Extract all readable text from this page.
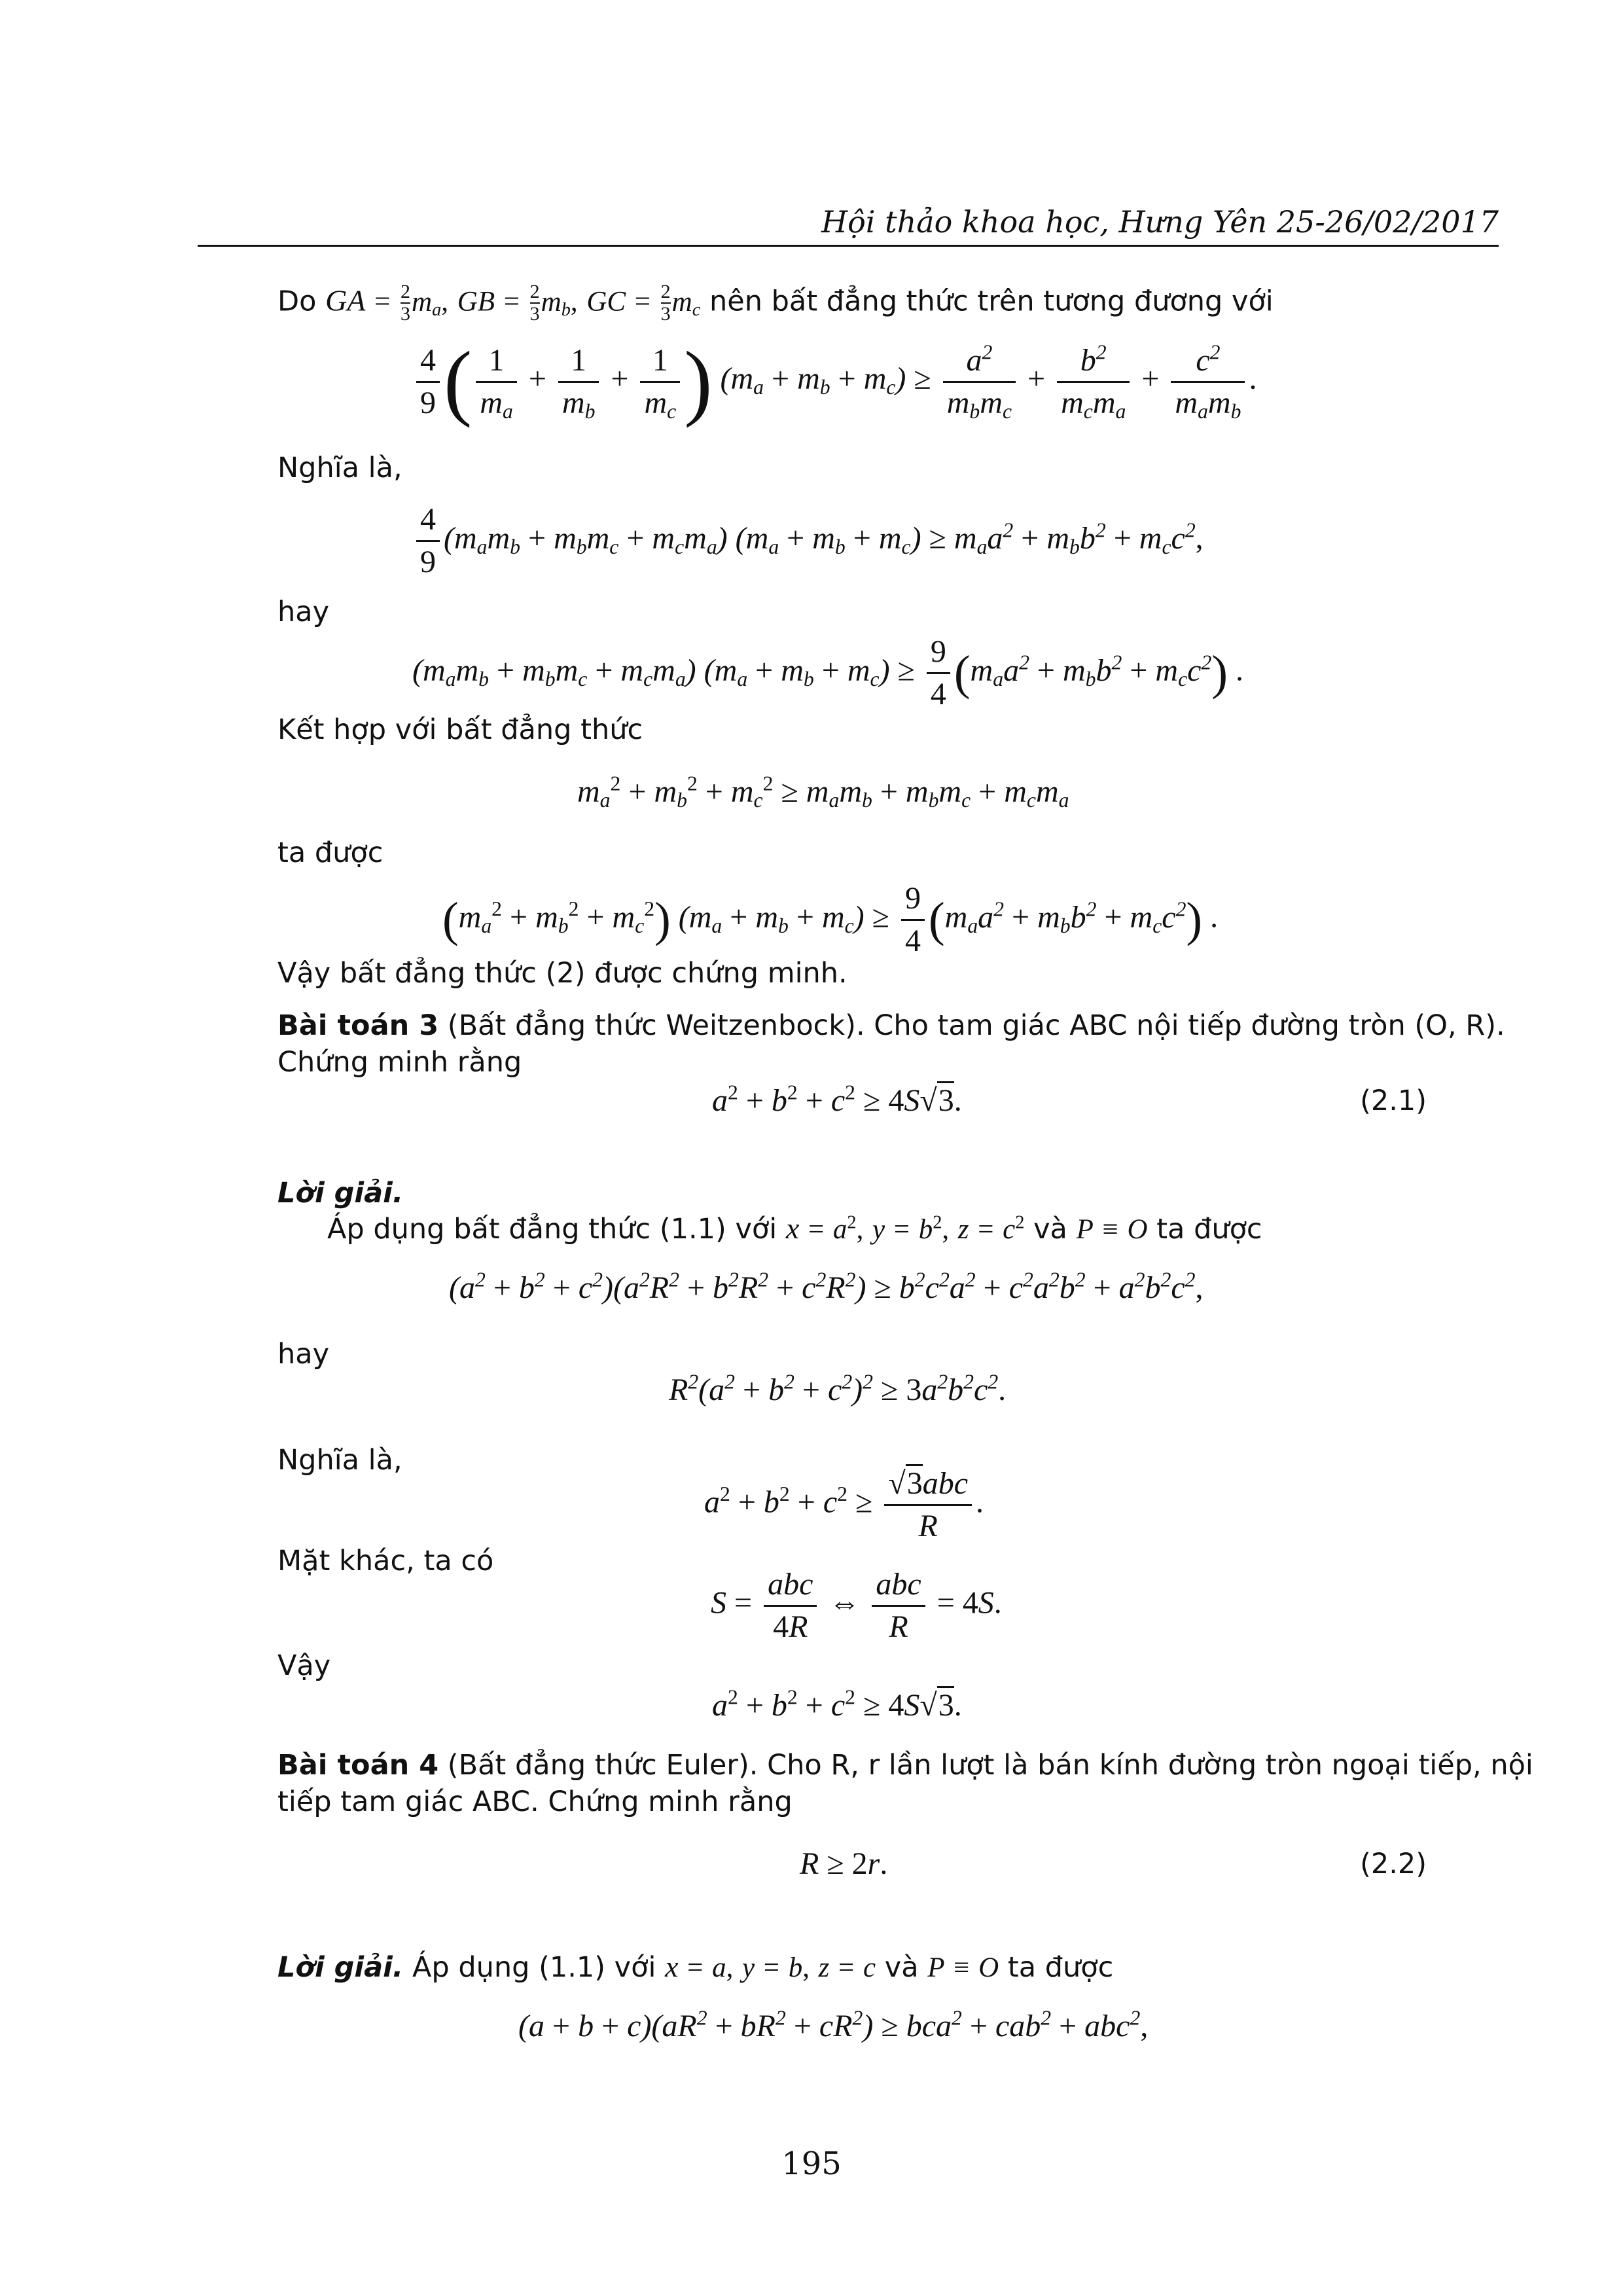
Hội thảo khoa học, Hưng Yên 25-26/02/2017
Do GA = $\frac{2}{3} m_a$, GB = $\frac{2}{3} m_b$, GC = $\frac{2}{3} m_c$ nên bất đẳng thức trên tương đương với
$\frac{4}{9}$ ( $\frac{1}{m_a} + \frac{1}{m_b} + \frac{1}{m_c}$ ) $(m_a + m_b + m_c) \ge \frac{a^2}{m_bm_c} + \frac{b^2}{m_cm_a} + \frac{c^2}{m_am_b}$ .
Nghĩa là,
$\frac{4}{9} (m_am_b + m_bm_c + m_cm_a) (m_a + m_b + m_c) \ge m_aa^2 + m_bb^2 + m_cc^2$,
hay
$(m_am_b + m_bm_c + m_cm_a) (m_a + m_b + m_c) \ge \frac{9}{4} (m_aa^2 + m_bb^2 + m_cc^2)$ .
Kết hợp với bất đẳng thức
$m_a^2 + m_b^2 + m_c^2 \ge m_am_b + m_bm_c + m_cm_a$
ta được
$(m_a^2 + m_b^2 + m_c^2) (m_a + m_b + m_c) \ge \frac{9}{4} (m_aa^2 + m_bb^2 + m_cc^2)$ .
Vậy bất đẳng thức (2) được chứng minh.
Bài toán 3 (Bất đẳng thức Weitzenbock). Cho tam giác ABC nội tiếp đường tròn (O, R).
Chứng minh rằng
$a^2 + b^2 + c^2 \ge 4S√3$.	(2.1)
Lời giải.
Áp dụng bất đẳng thức (1.1) với $x = a^2$, $y = b^2$, $z = c^2$ và P ≡ O ta được
$(a^2 + b^2 + c^2)(a^2R^2 + b^2R^2 + c^2R^2) \ge b^2c^2a^2 + c^2a^2b^2 + a^2b^2c^2$,
hay
$R^2(a^2 + b^2 + c^2)^2 \ge 3a^2b^2c^2$.
Nghĩa là,
$a^2 + b^2 + c^2 \ge \frac{\text{√3abc}}{R}$ .
Mặt khác, ta có
$S = \frac{\text{abc}}{4R}$ ⇔ $\frac{\text{abc}}{R} = 4S$.
Vậy
$a^2 + b^2 + c^2 \ge 4S√3$.
Bài toán 4 (Bất đẳng thức Euler). Cho R, r lần lượt là bán kính đường tròn ngoại tiếp, nội
tiếp tam giác ABC. Chứng minh rằng
R ≥ 2r.	(2.2)
Lời giải. Áp dụng (1.1) với x = a, y = b, z = c và P ≡ O ta được
$(a + b + c)(aR^2 + bR^2 + cR^2) \ge bca^2 + cab^2 + abc^2$,
195
